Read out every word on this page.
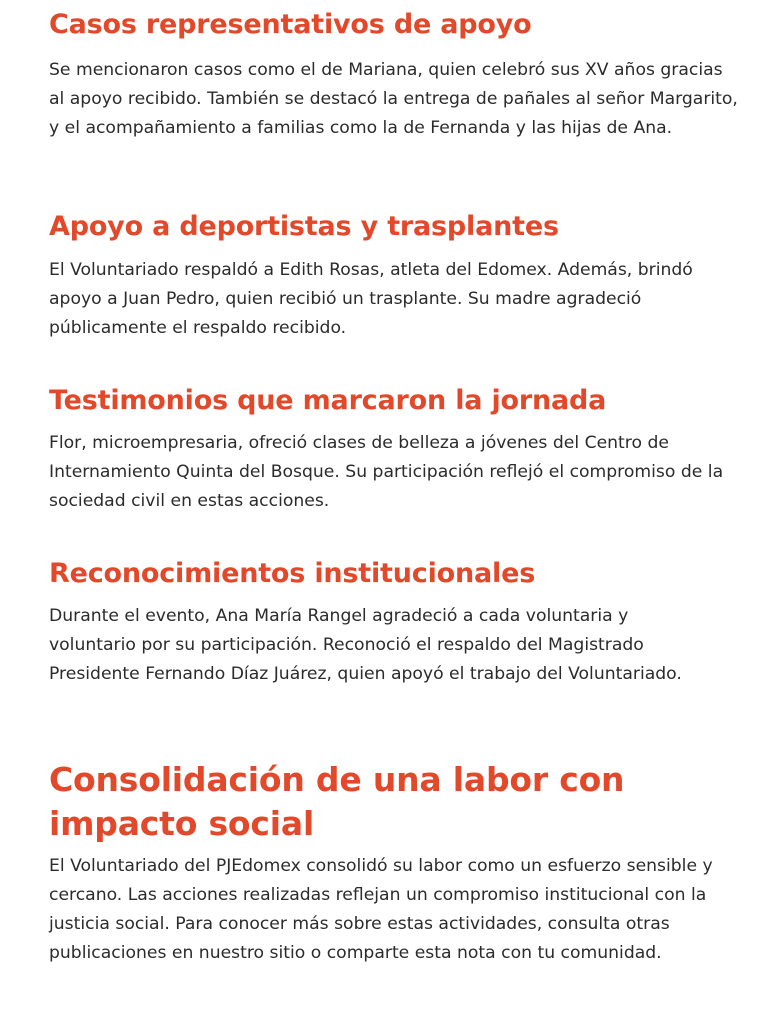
Casos representativos de apoyo

Se mencionaron casos como el de Mariana, quien celebró sus XV años gracias al apoyo recibido. También se destacó la entrega de pañales al señor Margarito, y el acompañamiento a familias como la de Fernanda y las hijas de Ana.

Apoyo a deportistas y trasplantes

El Voluntariado respaldó a Edith Rosas, atleta del Edomex. Además, brindó apoyo a Juan Pedro, quien recibió un trasplante. Su madre agradeció públicamente el respaldo recibido.

Testimonios que marcaron la jornada

Flor, microempresaria, ofreció clases de belleza a jóvenes del Centro de Internamiento Quinta del Bosque. Su participación reflejó el compromiso de la sociedad civil en estas acciones.

Reconocimientos institucionales

Durante el evento, Ana María Rangel agradeció a cada voluntaria y voluntario por su participación. Reconoció el respaldo del Magistrado Presidente Fernando Díaz Juárez, quien apoyó el trabajo del Voluntariado.

Consolidación de una labor con impacto social

El Voluntariado del PJEdomex consolidó su labor como un esfuerzo sensible y cercano. Las acciones realizadas reflejan un compromiso institucional con la justicia social. Para conocer más sobre estas actividades, consulta otras publicaciones en nuestro sitio o comparte esta nota con tu comunidad.
